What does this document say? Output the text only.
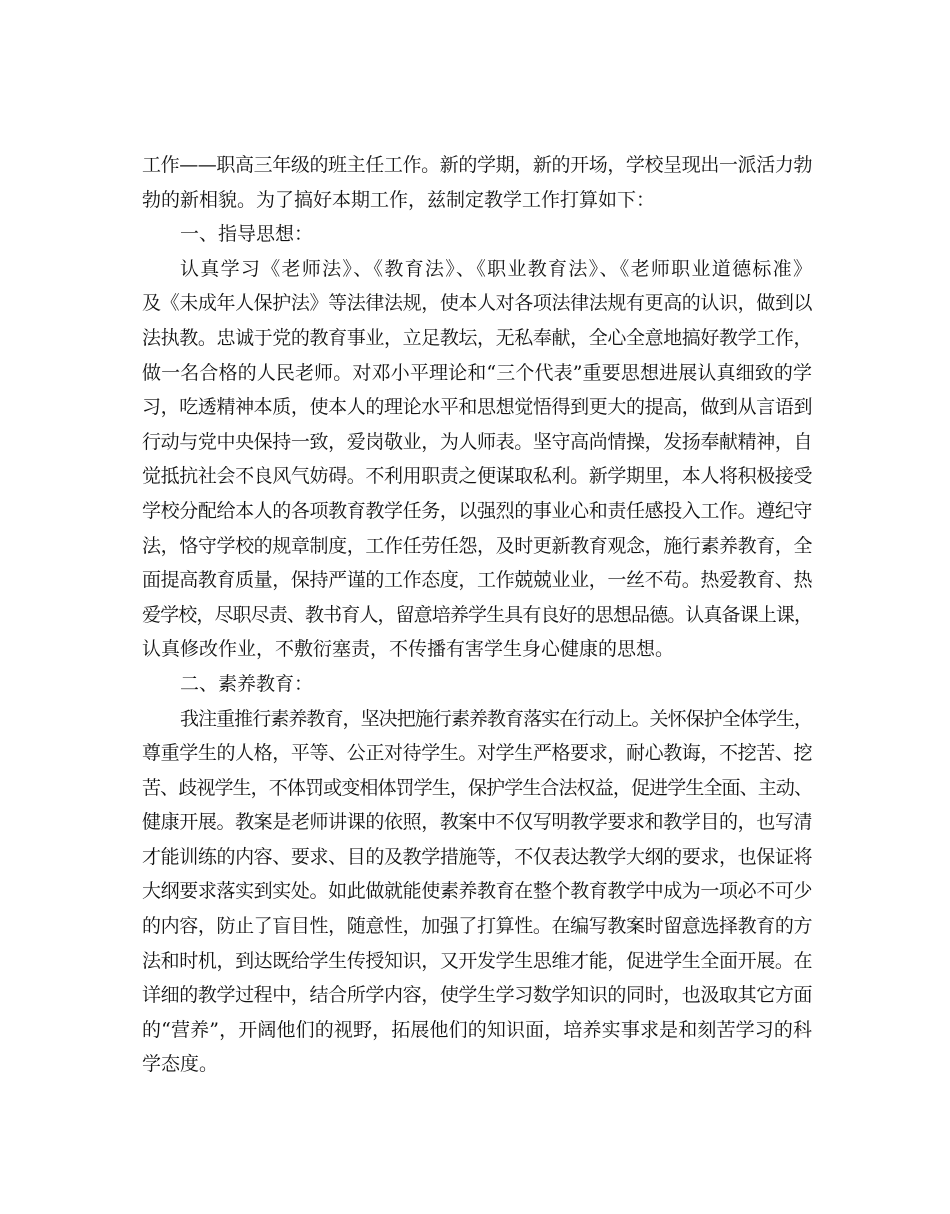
工作——职高三年级的班主任工作。新的学期，新的开场，学校呈现出一派活力勃
勃的新相貌。为了搞好本期工作，兹制定教学工作打算如下：
一、指导思想：
认真学习《老师法》、《教育法》、《职业教育法》、《老师职业道德标准》
及《未成年人保护法》等法律法规，使本人对各项法律法规有更高的认识，做到以
法执教。忠诚于党的教育事业，立足教坛，无私奉献，全心全意地搞好教学工作，
做一名合格的人民老师。对邓小平理论和“三个代表”重要思想进展认真细致的学
习，吃透精神本质，使本人的理论水平和思想觉悟得到更大的提高，做到从言语到
行动与党中央保持一致，爱岗敬业，为人师表。坚守高尚情操，发扬奉献精神，自
觉抵抗社会不良风气妨碍。不利用职责之便谋取私利。新学期里，本人将积极接受
学校分配给本人的各项教育教学任务，以强烈的事业心和责任感投入工作。遵纪守
法，恪守学校的规章制度，工作任劳任怨，及时更新教育观念，施行素养教育，全
面提高教育质量，保持严谨的工作态度，工作兢兢业业，一丝不苟。热爱教育、热
爱学校，尽职尽责、教书育人，留意培养学生具有良好的思想品德。认真备课上课，
认真修改作业，不敷衍塞责，不传播有害学生身心健康的思想。
二、素养教育：
我注重推行素养教育，坚决把施行素养教育落实在行动上。关怀保护全体学生，
尊重学生的人格，平等、公正对待学生。对学生严格要求，耐心教诲，不挖苦、挖
苦、歧视学生，不体罚或变相体罚学生，保护学生合法权益，促进学生全面、主动、
健康开展。教案是老师讲课的依照，教案中不仅写明教学要求和教学目的，也写清
才能训练的内容、要求、目的及教学措施等，不仅表达教学大纲的要求，也保证将
大纲要求落实到实处。如此做就能使素养教育在整个教育教学中成为一项必不可少
的内容，防止了盲目性，随意性，加强了打算性。在编写教案时留意选择教育的方
法和时机，到达既给学生传授知识，又开发学生思维才能，促进学生全面开展。在
详细的教学过程中，结合所学内容，使学生学习数学知识的同时，也汲取其它方面
的“营养”，开阔他们的视野，拓展他们的知识面，培养实事求是和刻苦学习的科
学态度。
